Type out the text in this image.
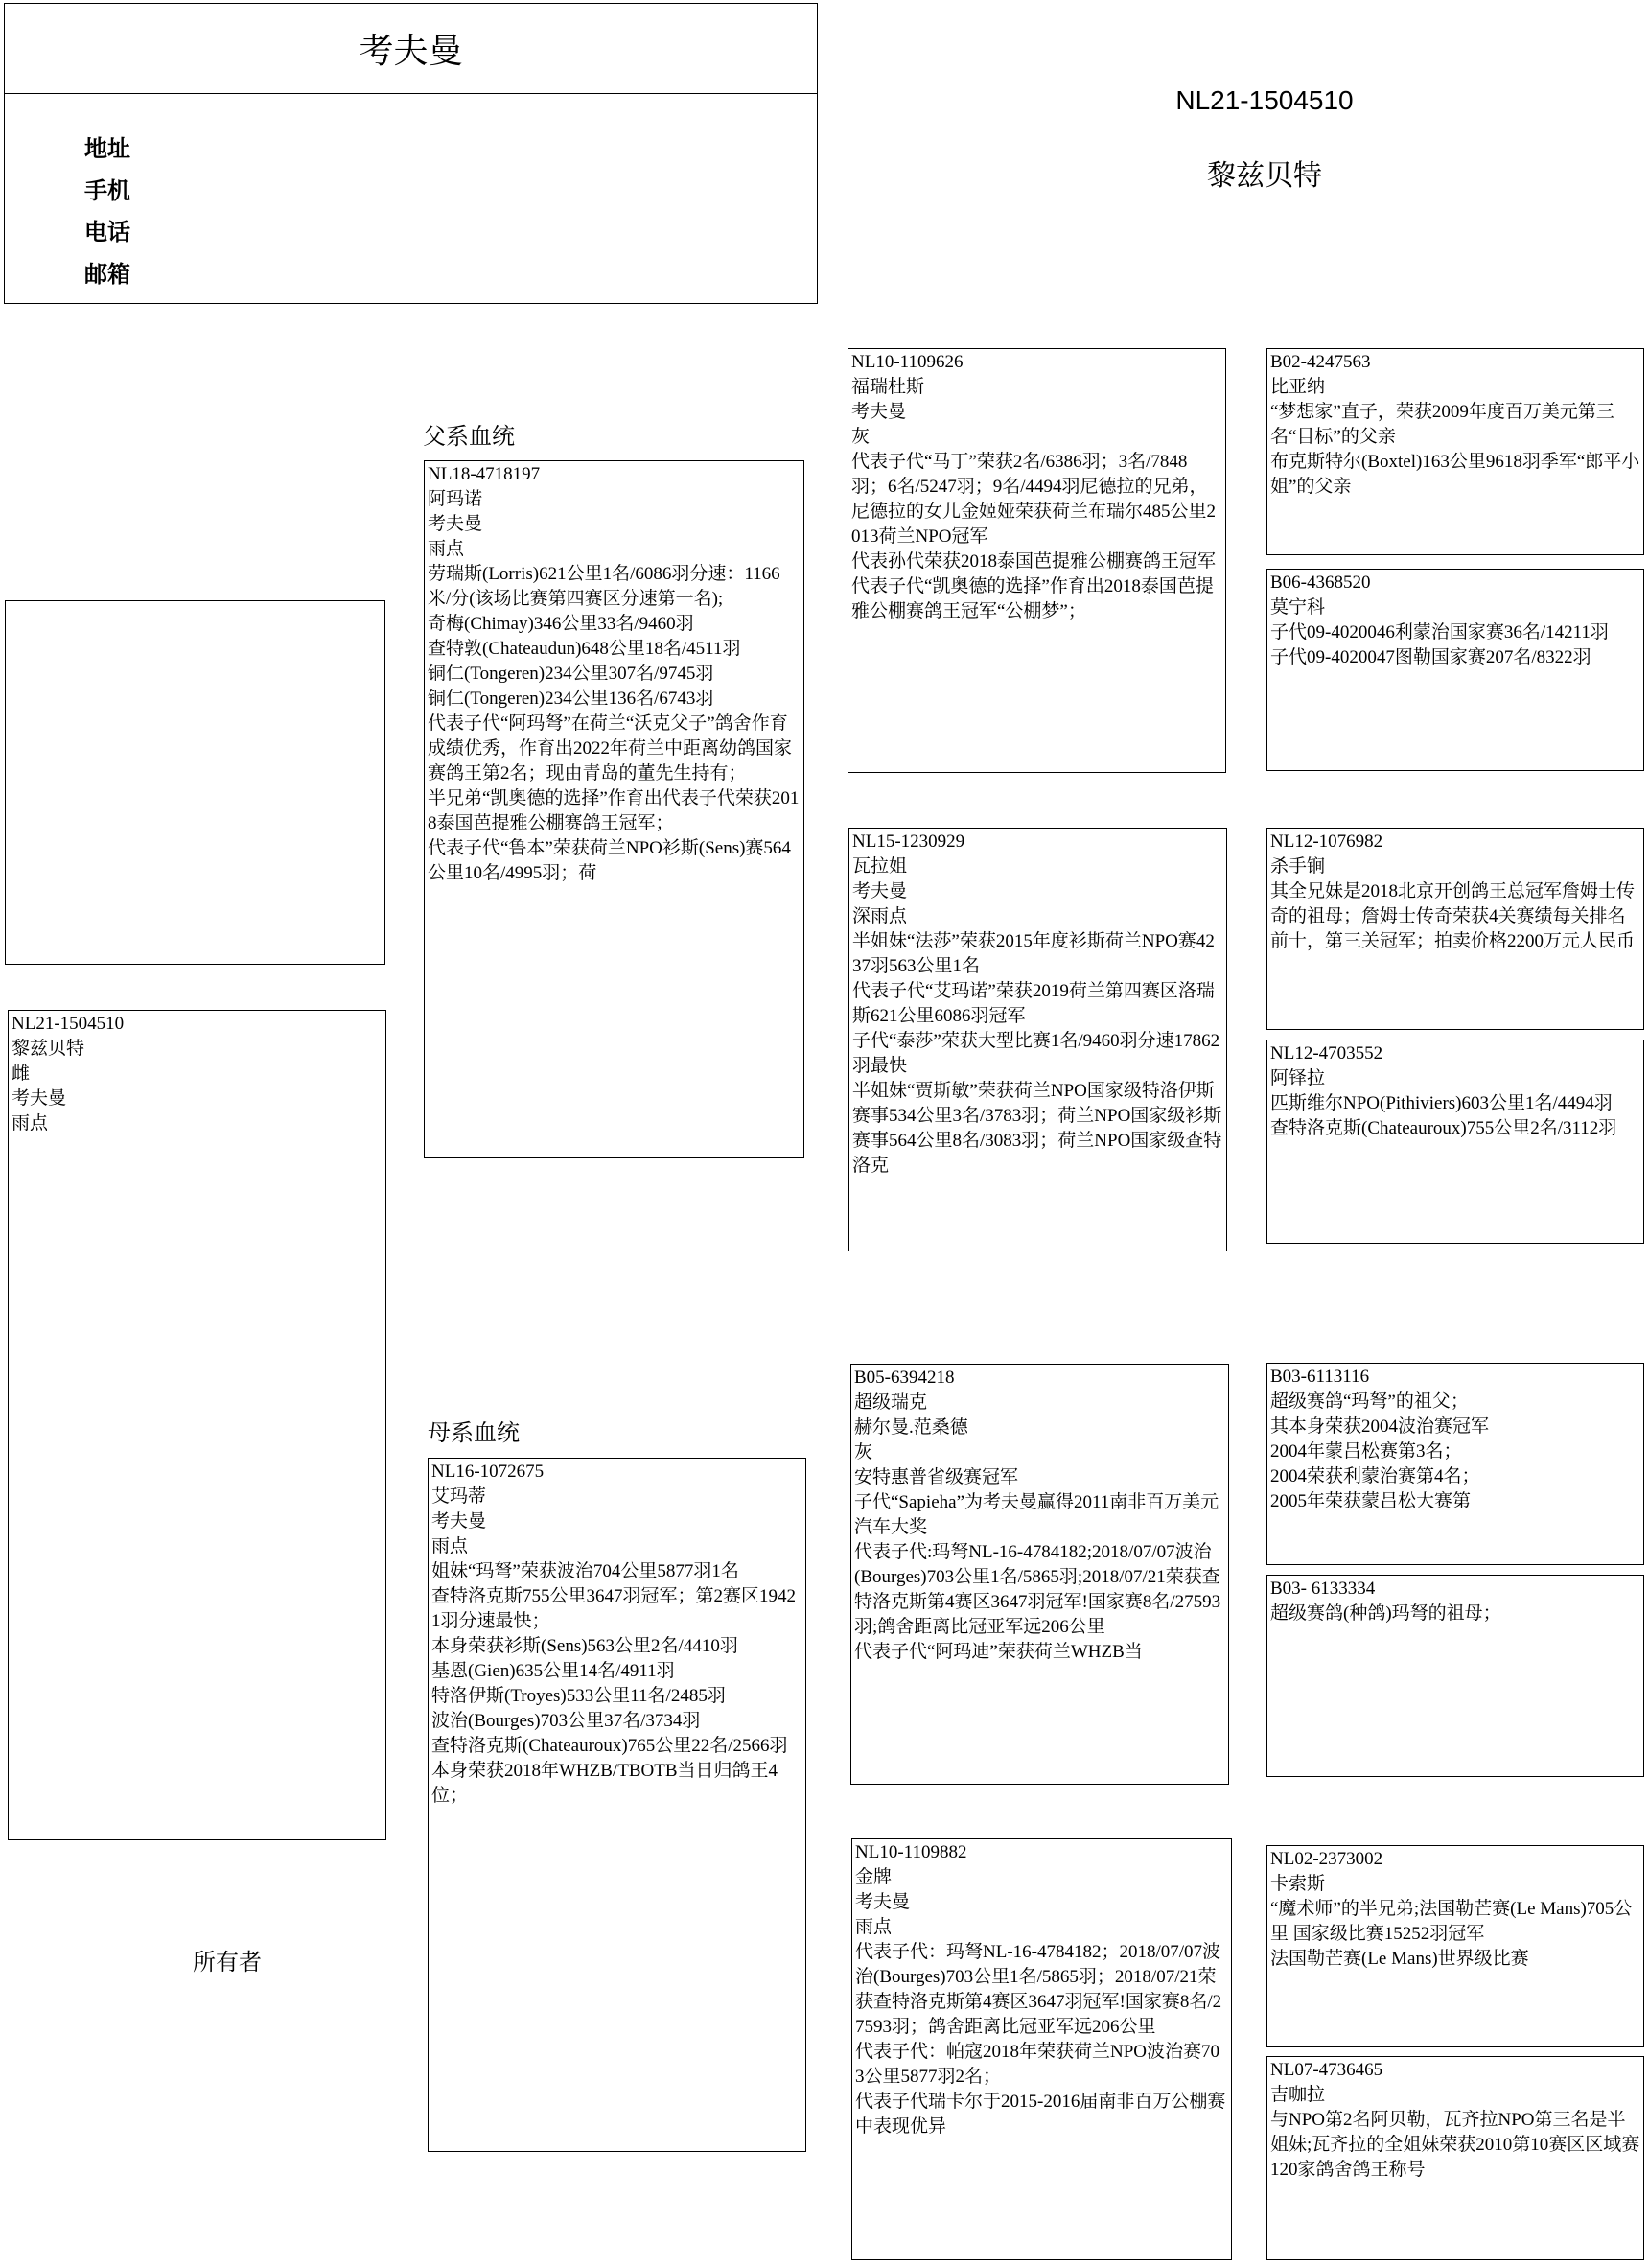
考夫曼
地址
手机
电话
邮箱
NL21-1504510
黎兹贝特
NL21-1504510
黎兹贝特
雌
考夫曼
雨点
所有者
父系血统
NL18-4718197
阿玛诺
考夫曼
雨点
劳瑞斯(Lorris)621公里1名/6086羽分速：1166米/分(该场比赛第四赛区分速第一名);
奇梅(Chimay)346公里33名/9460羽
查特敦(Chateaudun)648公里18名/4511羽
铜仁(Tongeren)234公里307名/9745羽
铜仁(Tongeren)234公里136名/6743羽
代表子代“阿玛弩”在荷兰“沃克父子”鸽舍作育成绩优秀，作育出2022年荷兰中距离幼鸽国家赛鸽王第2名；现由青岛的董先生持有；
半兄弟“凯奥德的选择”作育出代表子代荣获2018泰国芭提雅公棚赛鸽王冠军；
代表子代“鲁本”荣获荷兰NPO衫斯(Sens)赛564公里10名/4995羽；荷
母系血统
NL16-1072675
艾玛蒂
考夫曼
雨点
姐妹“玛弩”荣获波治704公里5877羽1名
查特洛克斯755公里3647羽冠军；第2赛区19421羽分速最快；
本身荣获衫斯(Sens)563公里2名/4410羽
基恩(Gien)635公里14名/4911羽
特洛伊斯(Troyes)533公里11名/2485羽
波治(Bourges)703公里37名/3734羽
查特洛克斯(Chateauroux)765公里22名/2566羽
本身荣获2018年WHZB/TBOTB当日归鸽王4位；
NL10-1109626
福瑞杜斯
考夫曼
灰
代表子代“马丁”荣获2名/6386羽；3名/7848羽；6名/5247羽；9名/4494羽尼德拉的兄弟，尼德拉的女儿金姬娅荣获荷兰布瑞尔485公里2013荷兰NPO冠军
代表孙代荣获2018泰国芭提雅公棚赛鸽王冠军
代表子代“凯奥德的选择”作育出2018泰国芭提雅公棚赛鸽王冠军“公棚梦”；
NL15-1230929
瓦拉姐
考夫曼
深雨点
半姐妹“法莎”荣获2015年度衫斯荷兰NPO赛4237羽563公里1名
代表子代“艾玛诺”荣获2019荷兰第四赛区洛瑞斯621公里6086羽冠军
子代“泰莎”荣获大型比赛1名/9460羽分速17862羽最快
半姐妹“贾斯敏”荣获荷兰NPO国家级特洛伊斯赛事534公里3名/3783羽；荷兰NPO国家级衫斯赛事564公里8名/3083羽；荷兰NPO国家级查特洛克
B05-6394218
超级瑞克
赫尔曼.范桑德
灰
安特惠普省级赛冠军
子代“Sapieha”为考夫曼赢得2011南非百万美元汽车大奖
代表子代:玛弩NL-16-4784182;2018/07/07波治(Bourges)703公里1名/5865羽;2018/07/21荣获查特洛克斯第4赛区3647羽冠军!国家赛8名/27593羽;鸽舍距离比冠亚军远206公里
代表子代“阿玛迪”荣获荷兰WHZB当
NL10-1109882
金牌
考夫曼
雨点
代表子代：玛弩NL-16-4784182；2018/07/07波治(Bourges)703公里1名/5865羽；2018/07/21荣获查特洛克斯第4赛区3647羽冠军!国家赛8名/27593羽；鸽舍距离比冠亚军远206公里
代表子代：帕寇2018年荣获荷兰NPO波治赛703公里5877羽2名；
代表子代瑞卡尔于2015-2016届南非百万公棚赛中表现优异
B02-4247563
比亚纳
“梦想家”直子，荣获2009年度百万美元第三名“目标”的父亲
布克斯特尔(Boxtel)163公里9618羽季军“郎平小姐”的父亲
B06-4368520
莫宁科
子代09-4020046利蒙治国家赛36名/14211羽
子代09-4020047图勒国家赛207名/8322羽
NL12-1076982
杀手锏
其全兄妹是2018北京开创鸽王总冠军詹姆士传奇的祖母；詹姆士传奇荣获4关赛绩每关排名前十，第三关冠军；拍卖价格2200万元人民币
NL12-4703552
阿铎拉
匹斯维尔NPO(Pithiviers)603公里1名/4494羽
查特洛克斯(Chateauroux)755公里2名/3112羽
B03-6113116
超级赛鸽“玛弩”的祖父；
其本身荣获2004波治赛冠军
2004年蒙吕松赛第3名；
2004荣获利蒙治赛第4名；
2005年荣获蒙吕松大赛第
B03- 6133334
超级赛鸽(种鸽)玛弩的祖母；
NL02-2373002
卡索斯
“魔术师”的半兄弟;法国勒芒赛(Le Mans)705公里 国家级比赛15252羽冠军
法国勒芒赛(Le Mans)世界级比赛
NL07-4736465
吉咖拉
与NPO第2名阿贝勒，瓦齐拉NPO第三名是半姐妹;瓦齐拉的全姐妹荣获2010第10赛区区域赛120家鸽舍鸽王称号
